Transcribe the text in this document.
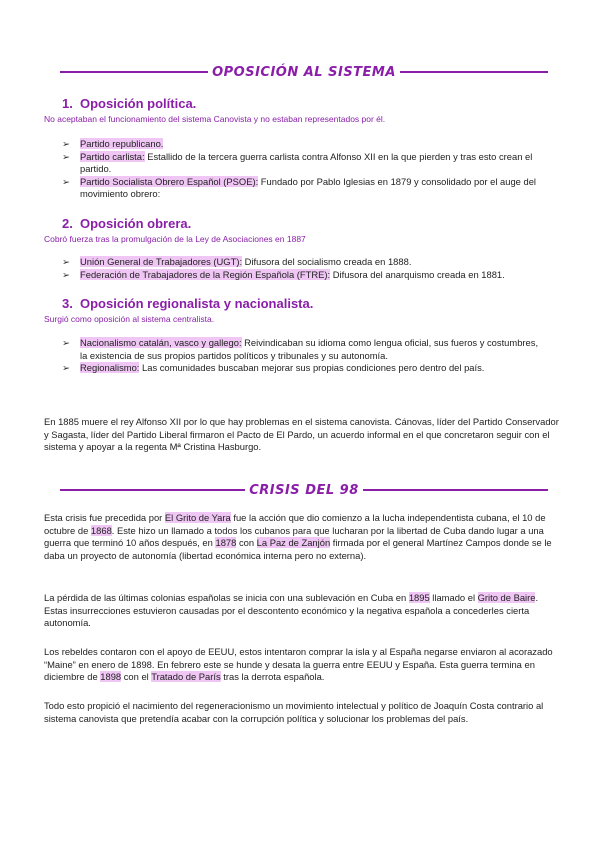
OPOSICIÓN AL SISTEMA
1. Oposición política.
No aceptaban el funcionamiento del sistema Canovista y no estaban representados por él.
➢ Partido republicano.
➢ Partido carlista: Estallido de la tercera guerra carlista contra Alfonso XII en la que pierden y tras esto crean el partido.
➢ Partido Socialista Obrero Español (PSOE): Fundado por Pablo Iglesias en 1879 y consolidado por el auge del movimiento obrero:
2. Oposición obrera.
Cobró fuerza tras la promulgación de la Ley de Asociaciones en 1887
➢ Unión General de Trabajadores (UGT): Difusora del socialismo creada en 1888.
➢ Federación de Trabajadores de la Región Española (FTRE): Difusora del anarquismo creada en 1881.
3. Oposición regionalista y nacionalista.
Surgió como oposición al sistema centralista.
➢ Nacionalismo catalán, vasco y gallego: Reivindicaban su idioma como lengua oficial, sus fueros y costumbres, la existencia de sus propios partidos políticos y tribunales y su autonomía.
➢ Regionalismo: Las comunidades buscaban mejorar sus propias condiciones pero dentro del país.

En 1885 muere el rey Alfonso XII por lo que hay problemas en el sistema canovista. Cánovas, líder del Partido Conservador y Sagasta, líder del Partido Liberal firmaron el Pacto de El Pardo, un acuerdo informal en el que concretaron seguir con el sistema y apoyar a la regenta Mª Cristina Hasburgo.

CRISIS DEL 98

Esta crisis fue precedida por El Grito de Yara fue la acción que dio comienzo a la lucha independentista cubana, el 10 de octubre de 1868. Este hizo un llamado a todos los cubanos para que lucharan por la libertad de Cuba dando lugar a una guerra que terminó 10 años después, en 1878 con La Paz de Zanjón firmada por el general Martínez Campos donde se le daba un proyecto de autonomía (libertad económica interna pero no externa).

La pérdida de las últimas colonias españolas se inicia con una sublevación en Cuba en 1895 llamado el Grito de Baire. Estas insurrecciones estuvieron causadas por el descontento económico y la negativa española a concederles cierta autonomía.

Los rebeldes contaron con el apoyo de EEUU, estos intentaron comprar la isla y al España negarse enviaron al acorazado “Maine” en enero de 1898. En febrero este se hunde y desata la guerra entre EEUU y España. Esta guerra termina en diciembre de 1898 con el Tratado de París tras la derrota española.

Todo esto propició el nacimiento del regeneracionismo un movimiento intelectual y político de Joaquín Costa contrario al sistema canovista que pretendía acabar con la corrupción política y solucionar los problemas del país.
